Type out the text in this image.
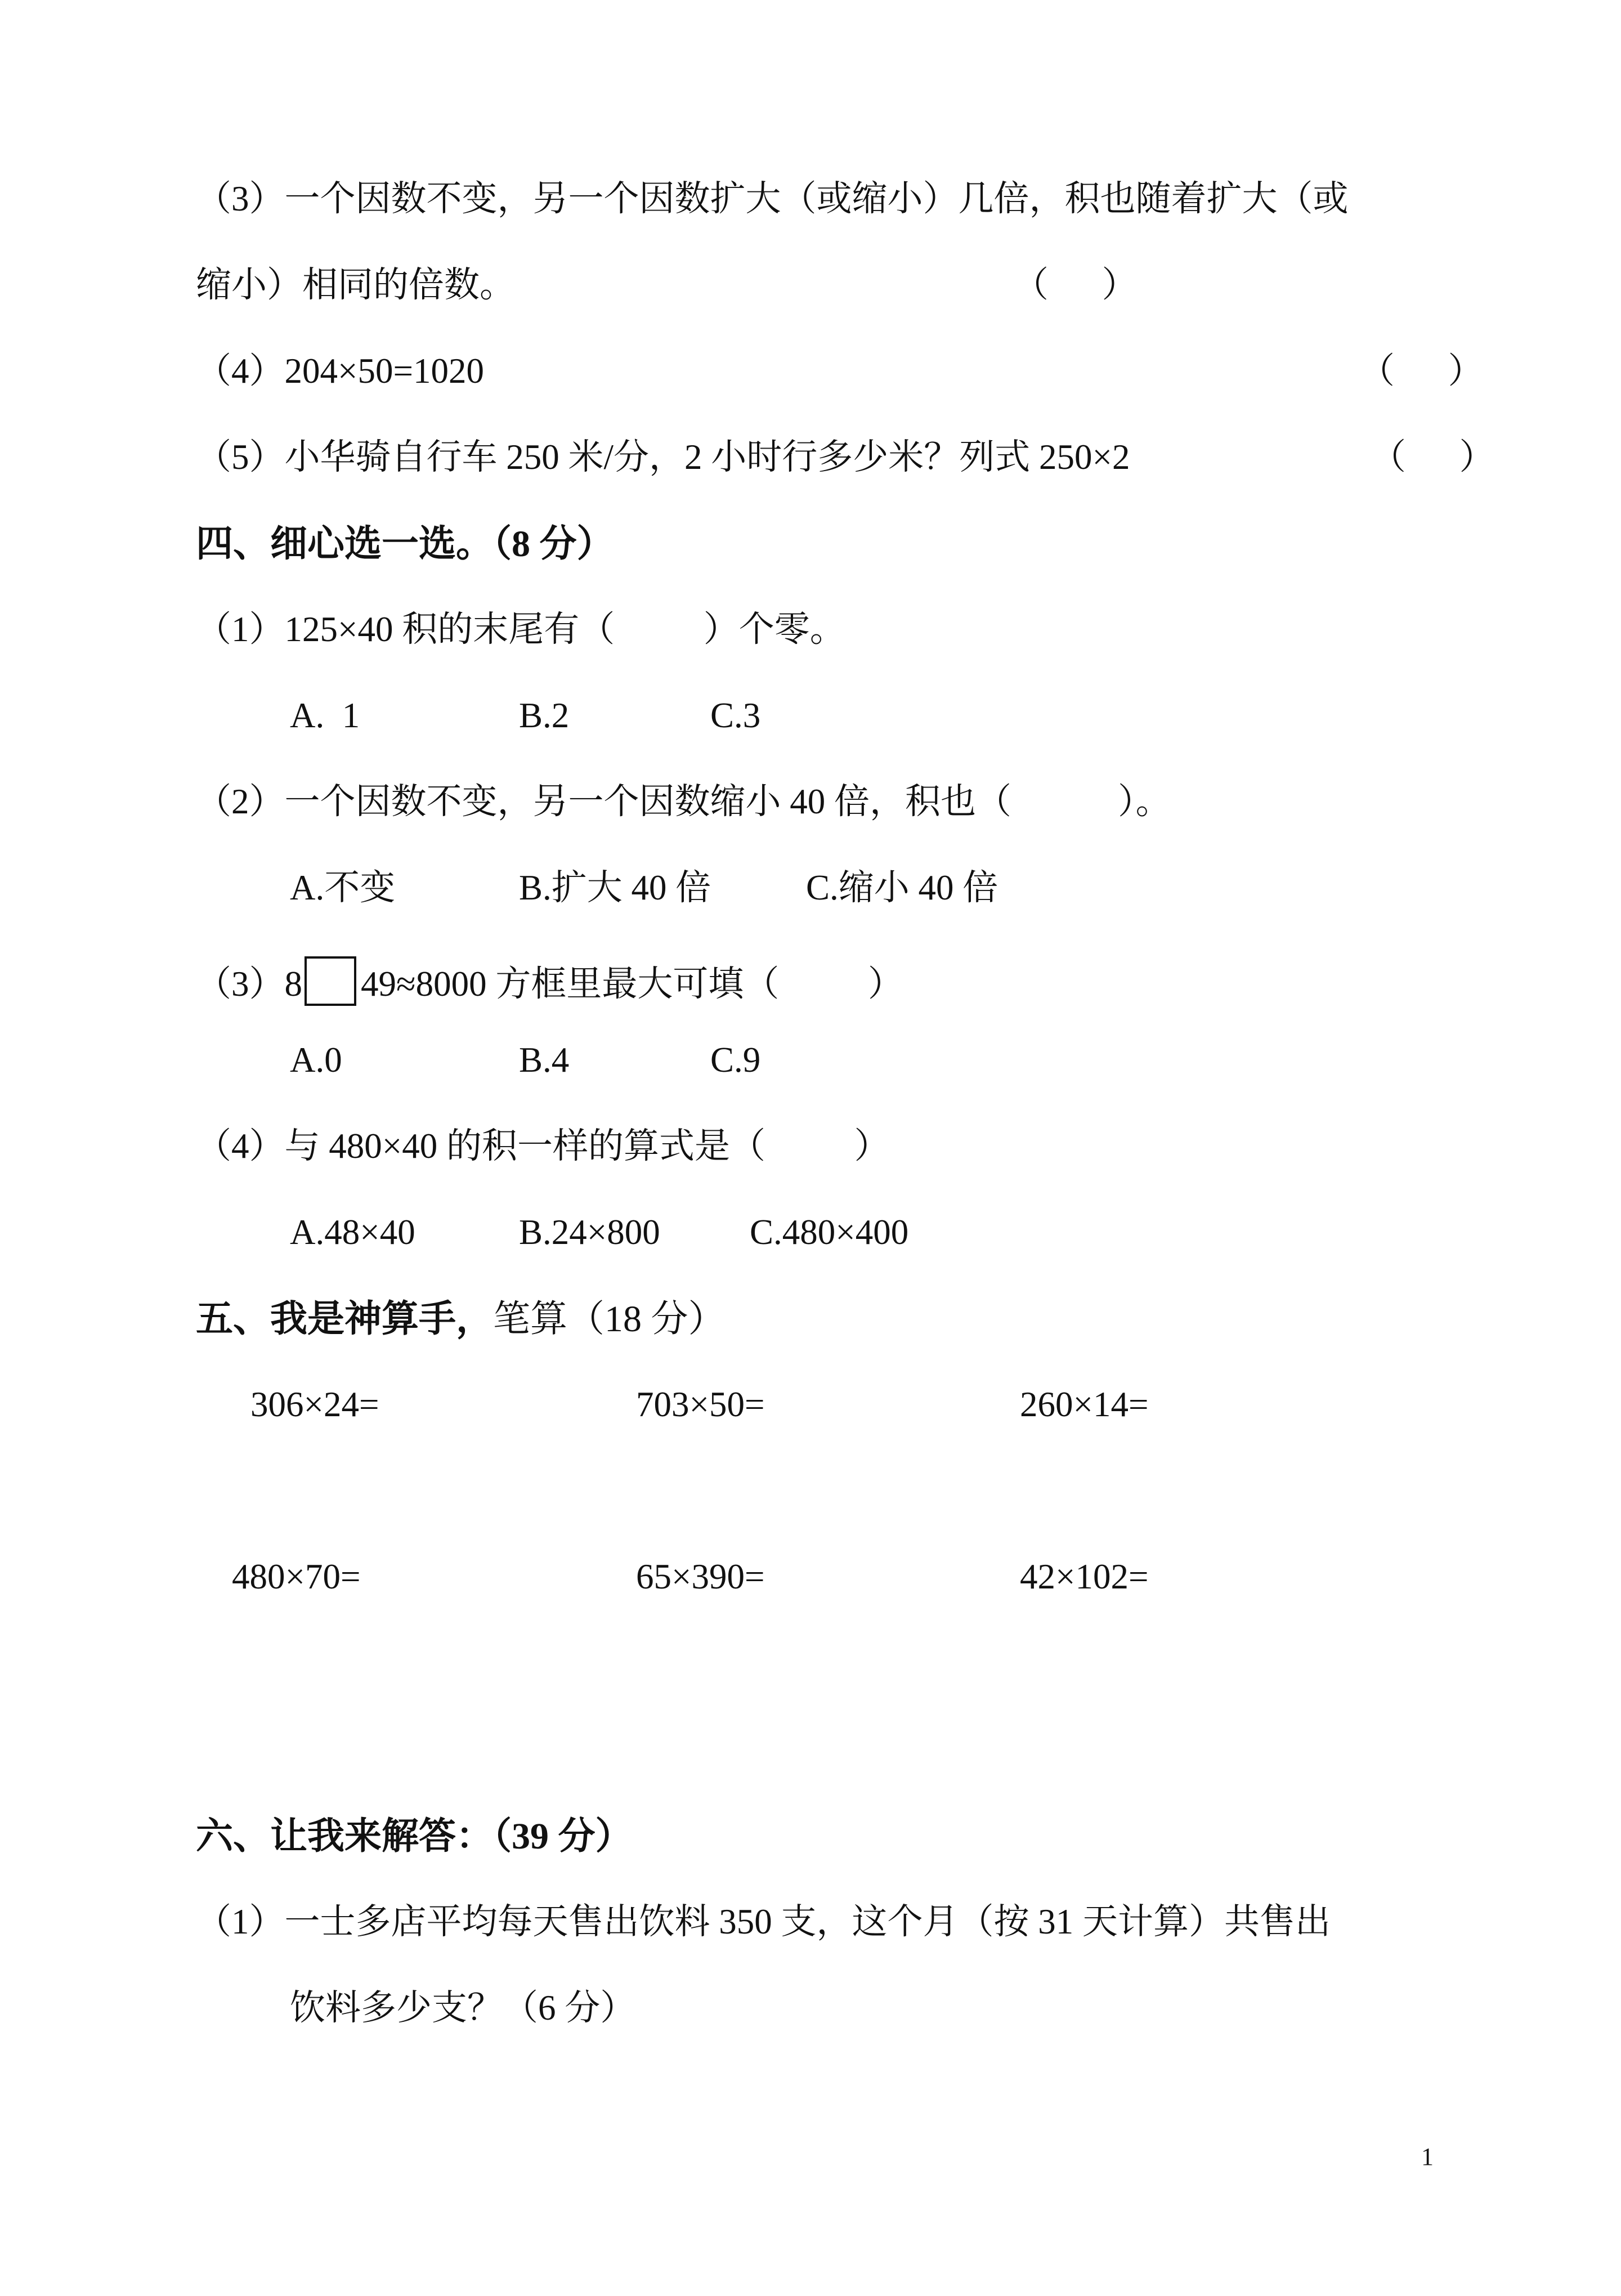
（3）一个因数不变，另一个因数扩大（或缩小）几倍，积也随着扩大（或
缩小）相同的倍数。	（      ）
（4）204×50=1020	（      ）
（5）小华骑自行车 250 米/分，2 小时行多少米？列式 250×2	（      ）
四、细心选一选。（8 分）
（1）125×40 积的末尾有（          ）个零。
A.  1	B.2	C.3
（2）一个因数不变，另一个因数缩小 40 倍，积也（            ）。
A.不变	B.扩大 40 倍	C.缩小 40 倍
（3）8 49≈8000 方框里最大可填（          ）
A.0	B.4	C.9
（4）与 480×40 的积一样的算式是（          ）
A.48×40	B.24×800	C.480×400
五、我是神算手，笔算（18 分）
306×24=	703×50=	260×14=
480×70=	65×390=	42×102=
六、让我来解答：（39 分）
（1）一士多店平均每天售出饮料 350 支，这个月（按 31 天计算）共售出
饮料多少支？（6 分）
1
